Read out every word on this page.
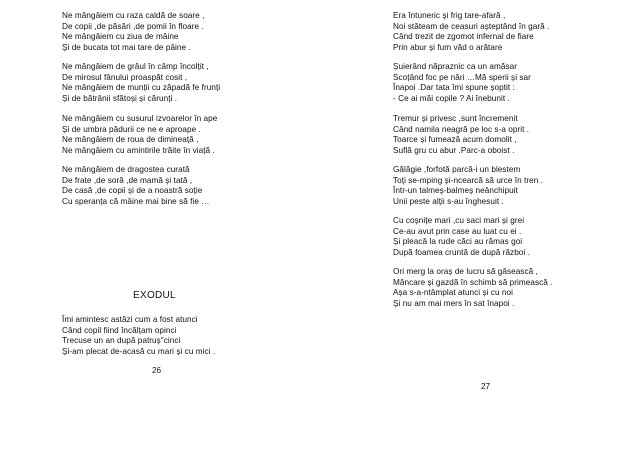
Ne mângâiem cu raza caldă de soare ,
De copii ,de păsări ,de pomii în floare .
Ne mângâiem cu ziua de mâine
Și de bucata tot mai tare de pâine .
Ne mângâiem de grâul în câmp încolțit ,
De mirosul fânului proaspăt cosit ,
Ne mângâiem de munții cu zăpadă fe frunți
Și de bătrânii sfătoși și cărunți .
Ne mângâiem cu susurul izvoarelor în ape
Și de umbra pădurii ce ne e aproape .
Ne mângâiem de roua de dimineață ,
Ne mângâiem cu amintirile trăite în viață .
Ne mângâiem de dragostea curată
De frate ,de soră ,de mamă și tată ,
De casă ,de copii și de a noastră soție
Cu speranța că mâine mai bine să fie …
EXODUL
Îmi amintesc astăzi cum a fost atunci
Când copil fiind încălțam opinci
Trecuse un an după patruș"cinci
Și-am plecat de-acasă cu mari și cu mici .
26
Era întuneric și frig tare-afară ,
Noi stăteam de ceasuri așteptând în gară .
Când trezit de zgomot infernal de fiare
Prin abur și fum văd o arătare
Șuierând năpraznic ca un amăsar
Scoțând foc pe nări …Mă sperii și sar
Înapoi .Dar tata îmi spune șoptit :
- Ce ai măi copile ? Ai înebunit .
Tremur și privesc ,sunt încremenit
Când namila neagră pe loc s-a oprit .
Toarce și fumează acum domolit ,
Suflă gru cu abur .Parc-a oboist .
Gălăgie ,forfotă parcă-i un blestem
Toți se-mping și-ncearcă să urce în tren .
Într-un talmeș-balmeș neânchipuit
Unii peste alții s-au înghesuit .
Cu coșnițe mari ,cu saci mari și grei
Ce-au avut prin case au luat cu ei .
Și pleacă la rude căci au rămas goi
După foamea cruntă de după război .
Ori merg la oraș de lucru să găsească ,
Mâncare și gazdă în schimb să primească .
Așa s-a-ntâmplat atunci și cu noi
Și nu am mai mers în sat înapoi .
27
